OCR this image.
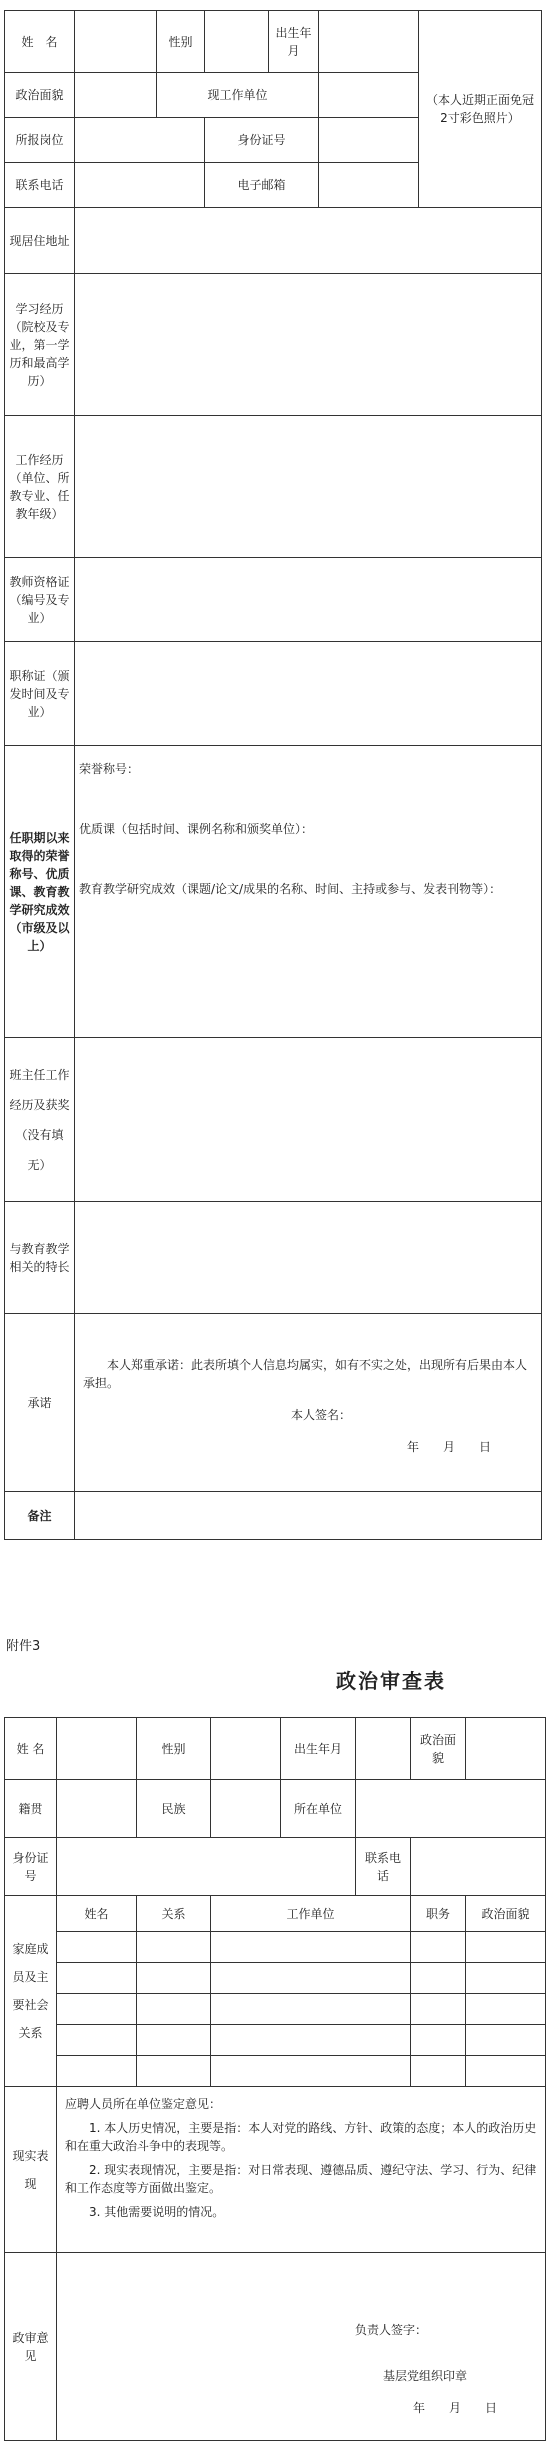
姓　名		性别		出生年月		（本人近期正面免冠2寸彩色照片）
政治面貌		现工作单位				
所报岗位			身份证号			
联系电话			电子邮箱			
现居住地址						
学习经历（院校及专业，第一学历和最高学历）						
工作经历（单位、所教专业、任教年级）						
教师资格证（编号及专业）						
职称证（颁发时间及专业）						
任职期以来取得的荣誉称号、优质课、教育教学研究成效（市级及以上）	荣誉称号：
优质课（包括时间、课例名称和颁奖单位）：
教育教学研究成效（课题/论文/成果的名称、时间、主持或参与、发表刊物等）：					

班主任工作经历及获奖（没有填无）						
与教育教学相关的特长						
承诺	本人郑重承诺：此表所填个人信息均属实，如有不实之处，出现所有后果由本人承担。
本人签名：
年　　月　　日					

备注						
附件3
政治审查表
姓 名		性别		出生年月		政治面貌	
籍贯		民族		所在单位			
身份证号					联系电话		
家庭成员及主要社会关系	姓名	关系	工作单位			职务	政治面貌

现实表现	应聘人员所在单位鉴定意见：
1. 本人历史情况，主要是指：本人对党的路线、方针、政策的态度；本人的政治历史和在重大政治斗争中的表现等。
2. 现实表现情况，主要是指：对日常表现、遵德品质、遵纪守法、学习、行为、纪律和工作态度等方面做出鉴定。
3. 其他需要说明的情况。						

政审意见	负责人签字：
基层党组织印章
年　　月　　日						
